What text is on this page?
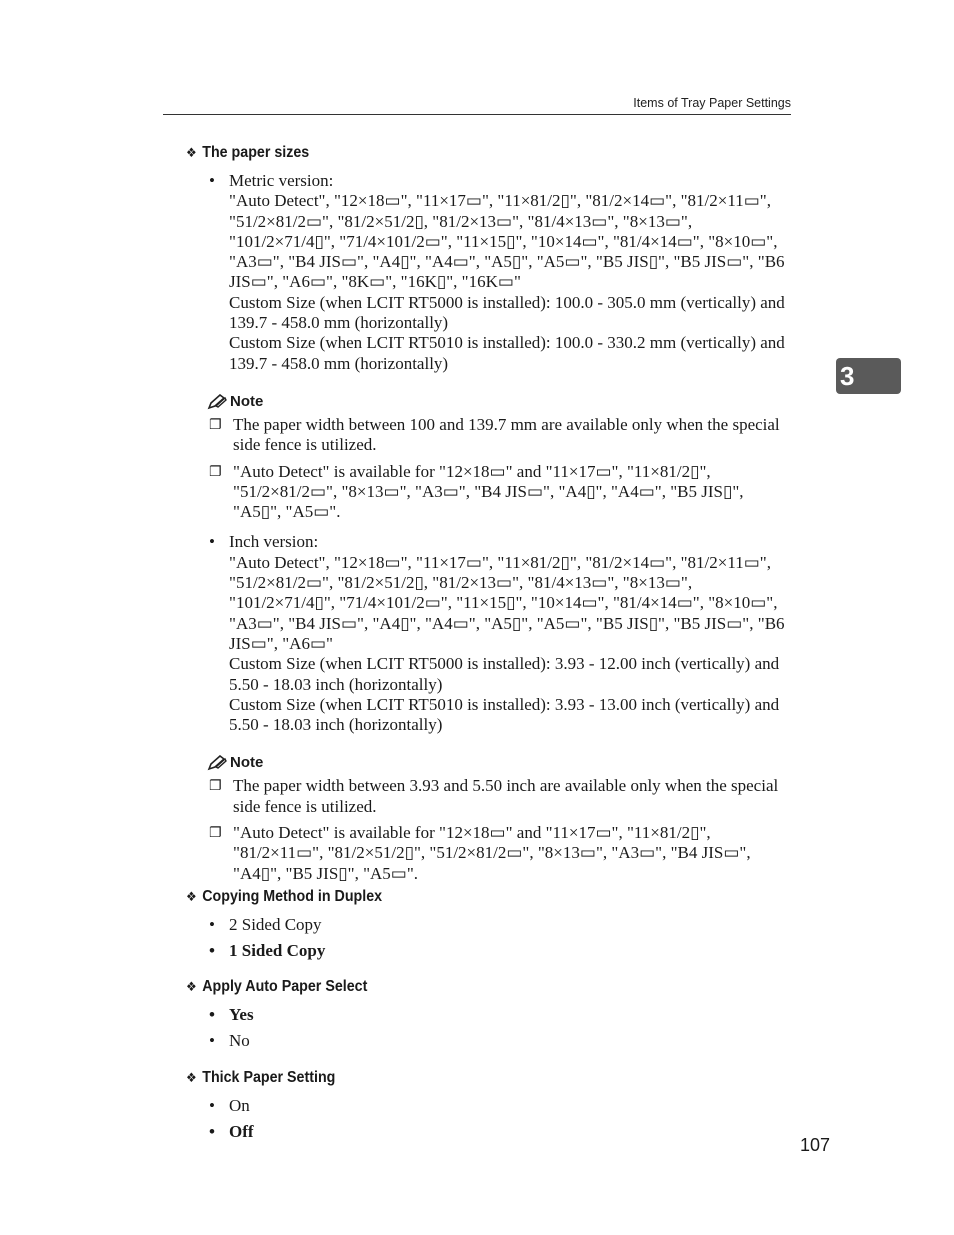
Items of Tray Paper Settings
3
❖ The paper sizes
• Metric version:
"Auto Detect", "12×18▭", "11×17▭", "11×81/2▯", "81/2×14▭", "81/2×11▭", "51/2×81/2▭", "81/2×51/2▯, "81/2×13▭", "81/4×13▭", "8×13▭", "101/2×71/4▯", "71/4×101/2▭", "11×15▯", "10×14▭", "81/4×14▭", "8×10▭", "A3▭", "B4 JIS▭", "A4▯", "A4▭", "A5▯", "A5▭", "B5 JIS▯", "B5 JIS▭", "B6 JIS▭", "A6▭", "8K▭", "16K▯", "16K▭"
Custom Size (when LCIT RT5000 is installed): 100.0 - 305.0 mm (vertically) and 139.7 - 458.0 mm (horizontally)
Custom Size (when LCIT RT5010 is installed): 100.0 - 330.2 mm (vertically) and 139.7 - 458.0 mm (horizontally)
Note
❐ The paper width between 100 and 139.7 mm are available only when the special side fence is utilized.
❐ "Auto Detect" is available for "12×18▭" and "11×17▭", "11×81/2▯", "51/2×81/2▭", "8×13▭", "A3▭", "B4 JIS▭", "A4▯", "A4▭", "B5 JIS▯", "A5▯", "A5▭".
• Inch version:
"Auto Detect", "12×18▭", "11×17▭", "11×81/2▯", "81/2×14▭", "81/2×11▭", "51/2×81/2▭", "81/2×51/2▯, "81/2×13▭", "81/4×13▭", "8×13▭", "101/2×71/4▯", "71/4×101/2▭", "11×15▯", "10×14▭", "81/4×14▭", "8×10▭", "A3▭", "B4 JIS▭", "A4▯", "A4▭", "A5▯", "A5▭", "B5 JIS▯", "B5 JIS▭", "B6 JIS▭", "A6▭"
Custom Size (when LCIT RT5000 is installed): 3.93 - 12.00 inch (vertically) and 5.50 - 18.03 inch (horizontally)
Custom Size (when LCIT RT5010 is installed): 3.93 - 13.00 inch (vertically) and 5.50 - 18.03 inch (horizontally)
Note
❐ The paper width between 3.93 and 5.50 inch are available only when the special side fence is utilized.
❐ "Auto Detect" is available for "12×18▭" and "11×17▭", "11×81/2▯", "81/2×11▭", "81/2×51/2▯", "51/2×81/2▭", "8×13▭", "A3▭", "B4 JIS▭", "A4▯", "B5 JIS▯", "A5▭".
❖ Copying Method in Duplex
• 2 Sided Copy
• 1 Sided Copy
❖ Apply Auto Paper Select
• Yes
• No
❖ Thick Paper Setting
• On
• Off
107
